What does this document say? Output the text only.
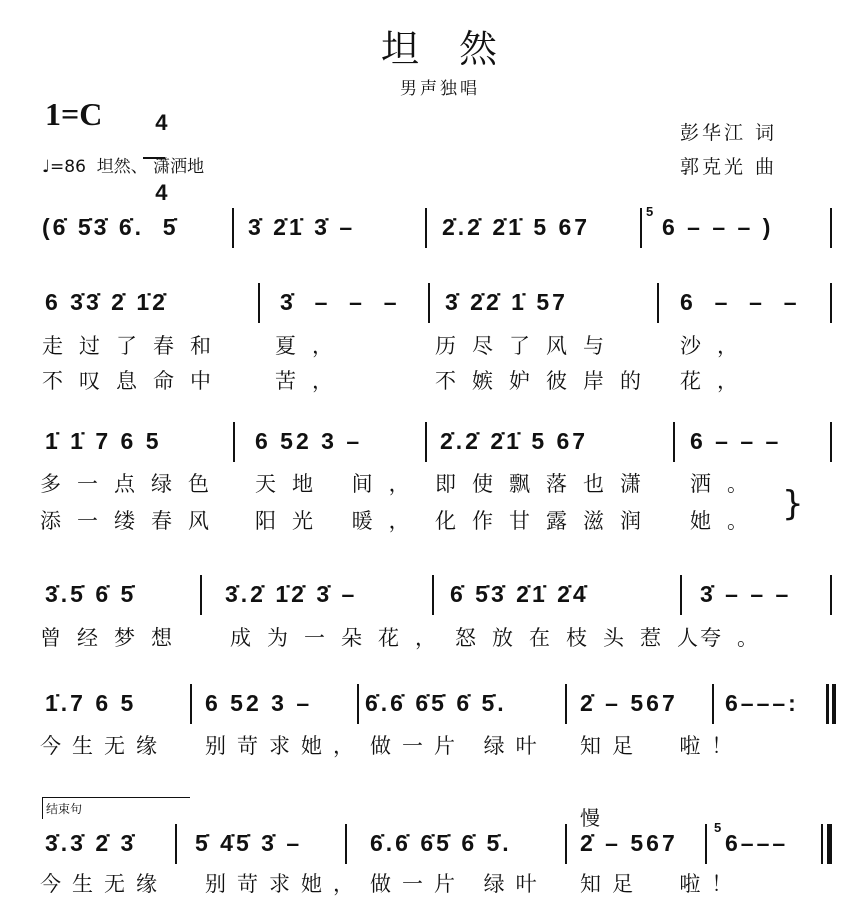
坦 然
男声独唱
1=C	4

4

♩=86  坦然、 潇洒地
彭华江 词
郭克光 曲
结束句	慢
}
(6̇ 5̇3̇ 6̇.  5̇	3̇ 2̇1̇ 3̇ –	2̇.2̇ 2̇1̇ 5 67	6 – – – )
5
6 3̇3̇ 2̇ 1̇2̇	3̇  –  –  – 3̇ 2̇2̇ 1̇ 57	6  –  –  –
走过了春和	夏，	历尽了风与	沙，
不叹息命中	苦，	不嫉妒彼岸的	花，
1̇ 1̇ 7 6 5	6 52 3 –	2̇.2̇ 2̇1̇ 5 67	6 – – –
多一点绿色	天地 间， 即使飘落也潇	洒。
添一缕春风	阳光 暖， 化作甘露滋润	她。
3̇.5̇ 6̇ 5̇	3̇.2̇ 1̇2̇ 3̇ –	6̇ 5̇3̇ 2̇1̇ 2̇4̇	3̇ – – –
曾经梦想	成为一朵花， 怒放在枝头惹人
夸。
1̇.7 6 5	6 52 3 – 6̇.6̇ 6̇5̇ 6̇ 5̇.	2̇ – 567 6–––:
今生无缘	别苛求她， 做一片 绿叶	知足  啦！
3̇.3̇ 2̇ 3̇	5̇ 4̇5̇ 3̇ –	6̇.6̇ 6̇5̇ 6̇ 5̇.	2̇ – 567 6–––
5
今生无缘	别苛求她， 做一片 绿叶	知足  啦！
